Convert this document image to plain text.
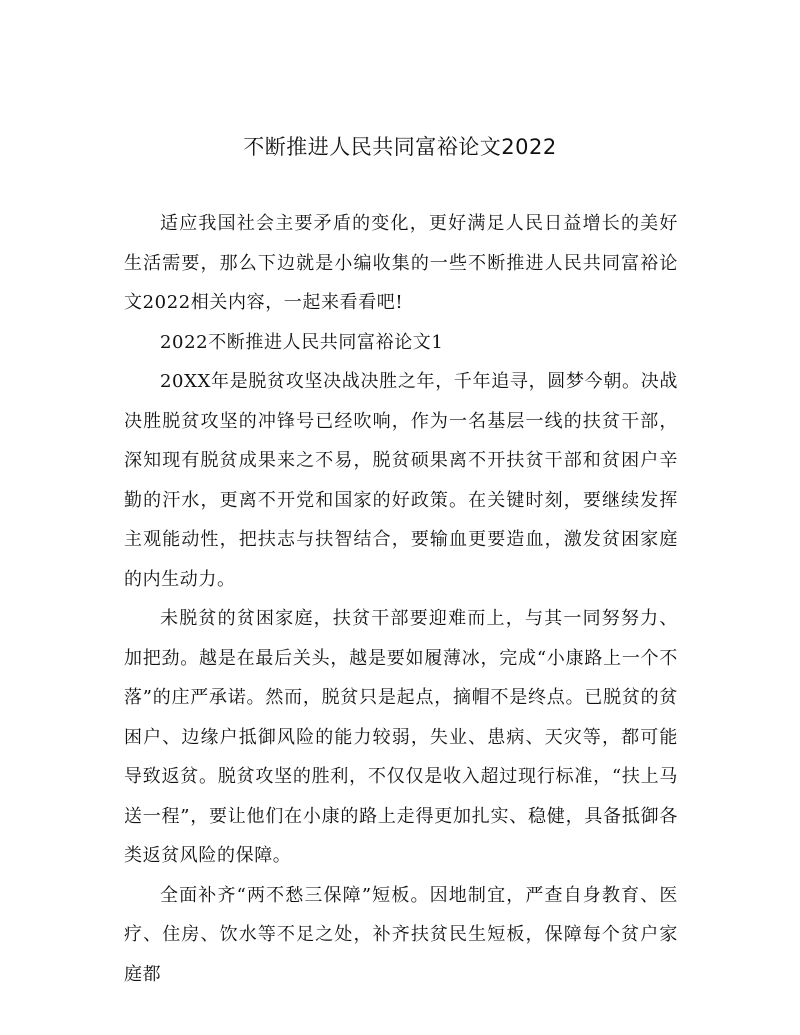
不断推进人民共同富裕论文2022

适应我国社会主要矛盾的变化，更好满足人民日益增长的美好生活需要，那么下边就是小编收集的一些不断推进人民共同富裕论文2022相关内容，一起来看看吧!

2022不断推进人民共同富裕论文1

20XX年是脱贫攻坚决战决胜之年，千年追寻，圆梦今朝。决战决胜脱贫攻坚的冲锋号已经吹响，作为一名基层一线的扶贫干部，深知现有脱贫成果来之不易，脱贫硕果离不开扶贫干部和贫困户辛勤的汗水，更离不开党和国家的好政策。在关键时刻，要继续发挥主观能动性，把扶志与扶智结合，要输血更要造血，激发贫困家庭的内生动力。

未脱贫的贫困家庭，扶贫干部要迎难而上，与其一同努努力、加把劲。越是在最后关头，越是要如履薄冰，完成“小康路上一个不落”的庄严承诺。然而，脱贫只是起点，摘帽不是终点。已脱贫的贫困户、边缘户抵御风险的能力较弱，失业、患病、天灾等，都可能导致返贫。脱贫攻坚的胜利，不仅仅是收入超过现行标准，“扶上马送一程”，要让他们在小康的路上走得更加扎实、稳健，具备抵御各类返贫风险的保障。

全面补齐“两不愁三保障”短板。因地制宜，严查自身教育、医疗、住房、饮水等不足之处，补齐扶贫民生短板，保障每个贫户家庭都
